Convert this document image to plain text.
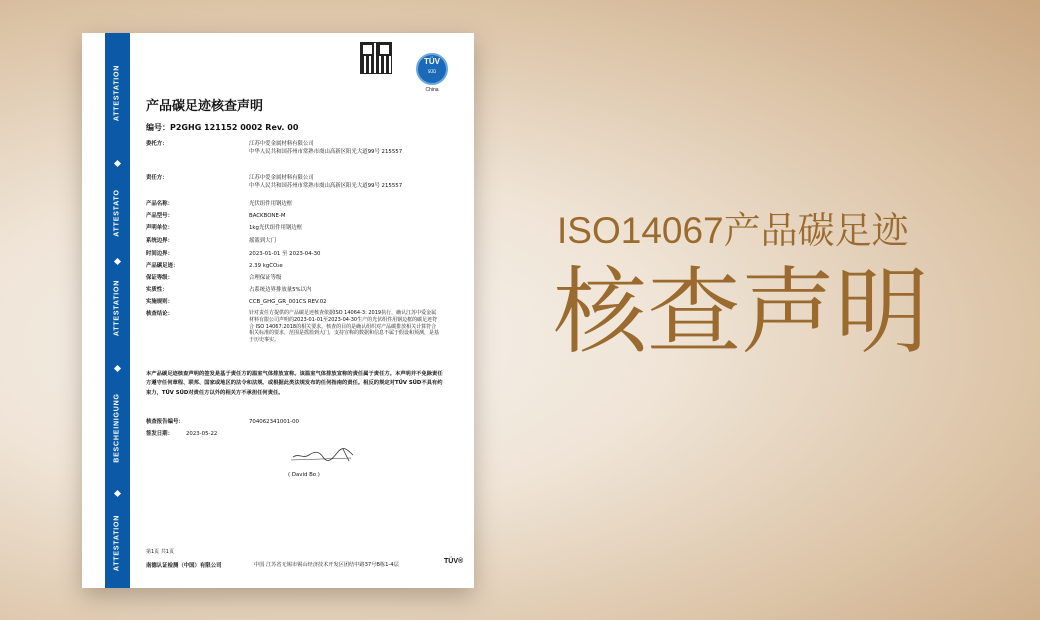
ATTESTATION
ATTESTATO
ATTESTATION
BESCHEINIGUNG
ATTESTATION
TÜV
SÜD
China
产品碳足迹核查声明
编号：P2GHG 121152 0002 Rev. 00
委托方：	江苏中爱金属材料有限公司
中华人民共和国苏州市常熟市虞山高新区阳光大道99号 215557
责任方：	江苏中爱金属材料有限公司
中华人民共和国苏州市常熟市虞山高新区阳光大道99号 215557
产品名称：	光伏组件用钢边框
产品型号：	BACKBONE-M
声明单位：	1kg光伏组件用钢边框
系统边界：	摇篮到大门
时间边界：	2023-01-01 至 2023-04-30
产品碳足迹：	2.39 kgCO₂e
保证等级：	合理保证等级
实质性：	占系统边界排放量5%以内
实施规则：	CCB_GHG_GR_001CS REV.02
核查结论：	针对责任方提供的产品碳足迹核查依据ISO 14064-3: 2019执行，确认江苏中爱金属材料有限公司声明的2023-01-01至2023-04-30生产的光伏组件用钢边框的碳足迹符合 ISO 14067:2018的相关要求。核查的目的是确认组织对产品碳排放相关计算符合相关标准的要求，范围是摇篮到大门，支持宣称的数据和信息不属于假设和预测，是基于历史事实。
本产品碳足迹核查声明的签发是基于责任方的温室气体排放宣称。该温室气体排放宣称的责任属于责任方。本声明并不免除责任方遵守任何章程、联邦、国家或地区的法令和法规、或根据此类法规发布的任何指南的责任。相反的规定对TÜV SÜD不具有约束力，TÜV SÜD对责任方以外的相关方不承担任何责任。
核查报告编号：	704062341001-00
签发日期： 2023-05-22
( David Bo )
第1页 共1页
南德认证检测（中国）有限公司	中国 江苏省无锡市锡山经济技术开发区团结中路37号B栋1-4层	TÜV®
ISO14067产品碳足迹
核查声明
